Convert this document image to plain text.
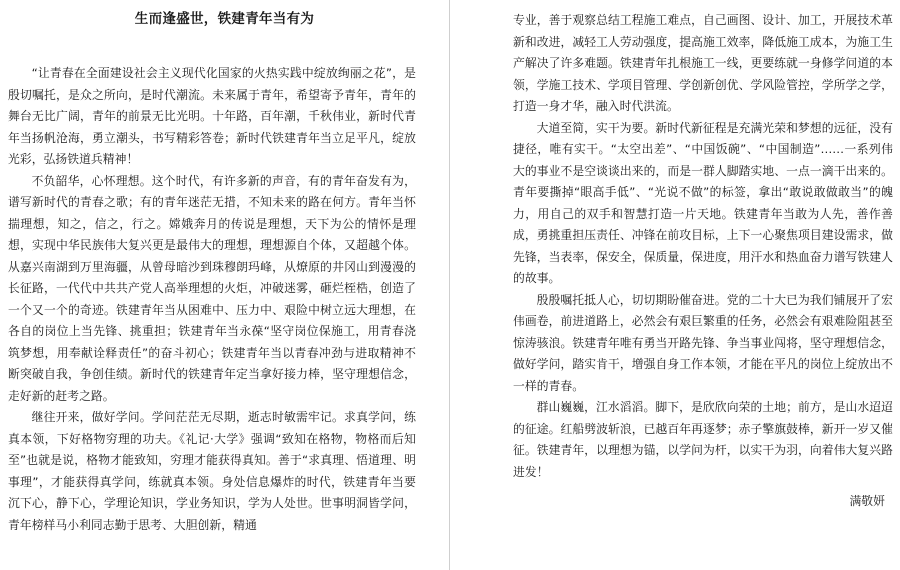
生而逢盛世，铁建青年当有为

“让青春在全面建设社会主义现代化国家的火热实践中绽放绚丽之花”，是殷切嘱托，是众之所向，是时代潮流。未来属于青年，希望寄予青年，青年的舞台无比广阔，青年的前景无比光明。十年路，百年潮，千秋伟业，新时代青年当扬帆沧海，勇立潮头，书写精彩答卷；新时代铁建青年当立足平凡，绽放光彩，弘扬铁道兵精神！

不负韶华，心怀理想。这个时代，有许多新的声音，有的青年奋发有为，谱写新时代的青春之歌；有的青年迷茫无措，不知未来的路在何方。青年当怀揣理想，知之，信之，行之。嫦娥奔月的传说是理想，天下为公的情怀是理想，实现中华民族伟大复兴更是最伟大的理想，理想源自个体，又超越个体。从嘉兴南湖到万里海疆，从曾母暗沙到珠穆朗玛峰，从燎原的井冈山到漫漫的长征路，一代代中共共产党人高举理想的火炬，冲破迷雾，砸烂桎梏，创造了一个又一个的奇迹。铁建青年当从困难中、压力中、艰险中树立远大理想，在各自的岗位上当先锋、挑重担；铁建青年当永葆“坚守岗位保施工，用青春浇筑梦想，用奉献诠释责任”的奋斗初心；铁建青年当以青春冲劲与进取精神不断突破自我，争创佳绩。新时代的铁建青年定当拿好接力棒，坚守理想信念，走好新的赶考之路。

继往开来，做好学问。学问茫茫无尽期，逝志时敏需牢记。求真学问，练真本领，下好格物穷理的功夫。《礼记·大学》强调“致知在格物，物格而后知至”也就是说，格物才能致知，穷理才能获得真知。善于“求真理、悟道理、明事理”，才能获得真学问，练就真本领。身处信息爆炸的时代，铁建青年当要沉下心，静下心，学理论知识，学业务知识，学为人处世。世事明洞皆学问，青年榜样马小利同志勤于思考、大胆创新，精通

专业，善于观察总结工程施工难点，自己画图、设计、加工，开展技术革新和改进，减轻工人劳动强度，提高施工效率，降低施工成本，为施工生产解决了许多难题。铁建青年扎根施工一线，更要练就一身修学问道的本领，学施工技术、学项目管理、学创新创优、学风险管控，学所学之学，打造一身才华，融入时代洪流。

大道至简，实干为要。新时代新征程是充满光荣和梦想的远征，没有捷径，唯有实干。“太空出差”、“中国饭碗”、“中国制造”……一系列伟大的事业不是空谈谈出来的，而是一群人脚踏实地、一点一滴干出来的。青年要撕掉“眼高手低”、“光说不做”的标签，拿出“敢说敢做敢当”的魄力，用自己的双手和智慧打造一片天地。铁建青年当敢为人先，善作善成，勇挑重担压责任、冲锋在前攻目标，上下一心聚焦项目建设需求，做先锋，当表率，保安全，保质量，保进度，用汗水和热血奋力谱写铁建人的故事。

殷殷嘱托抵人心，切切期盼催奋进。党的二十大已为我们铺展开了宏伟画卷，前进道路上，必然会有艰巨繁重的任务，必然会有艰难险阻甚至惊涛骇浪。铁建青年唯有勇当开路先锋、争当事业闯将，坚守理想信念，做好学问，踏实肯干，增强自身工作本领，才能在平凡的岗位上绽放出不一样的青春。

群山巍巍，江水滔滔。脚下，是欣欣向荣的土地；前方，是山水迢迢的征途。红船劈波斩浪，已越百年再逐梦；赤子擎旗鼓棒，新开一岁又催征。铁建青年，以理想为锚，以学问为杆，以实干为羽，向着伟大复兴路进发！

满敬妍
